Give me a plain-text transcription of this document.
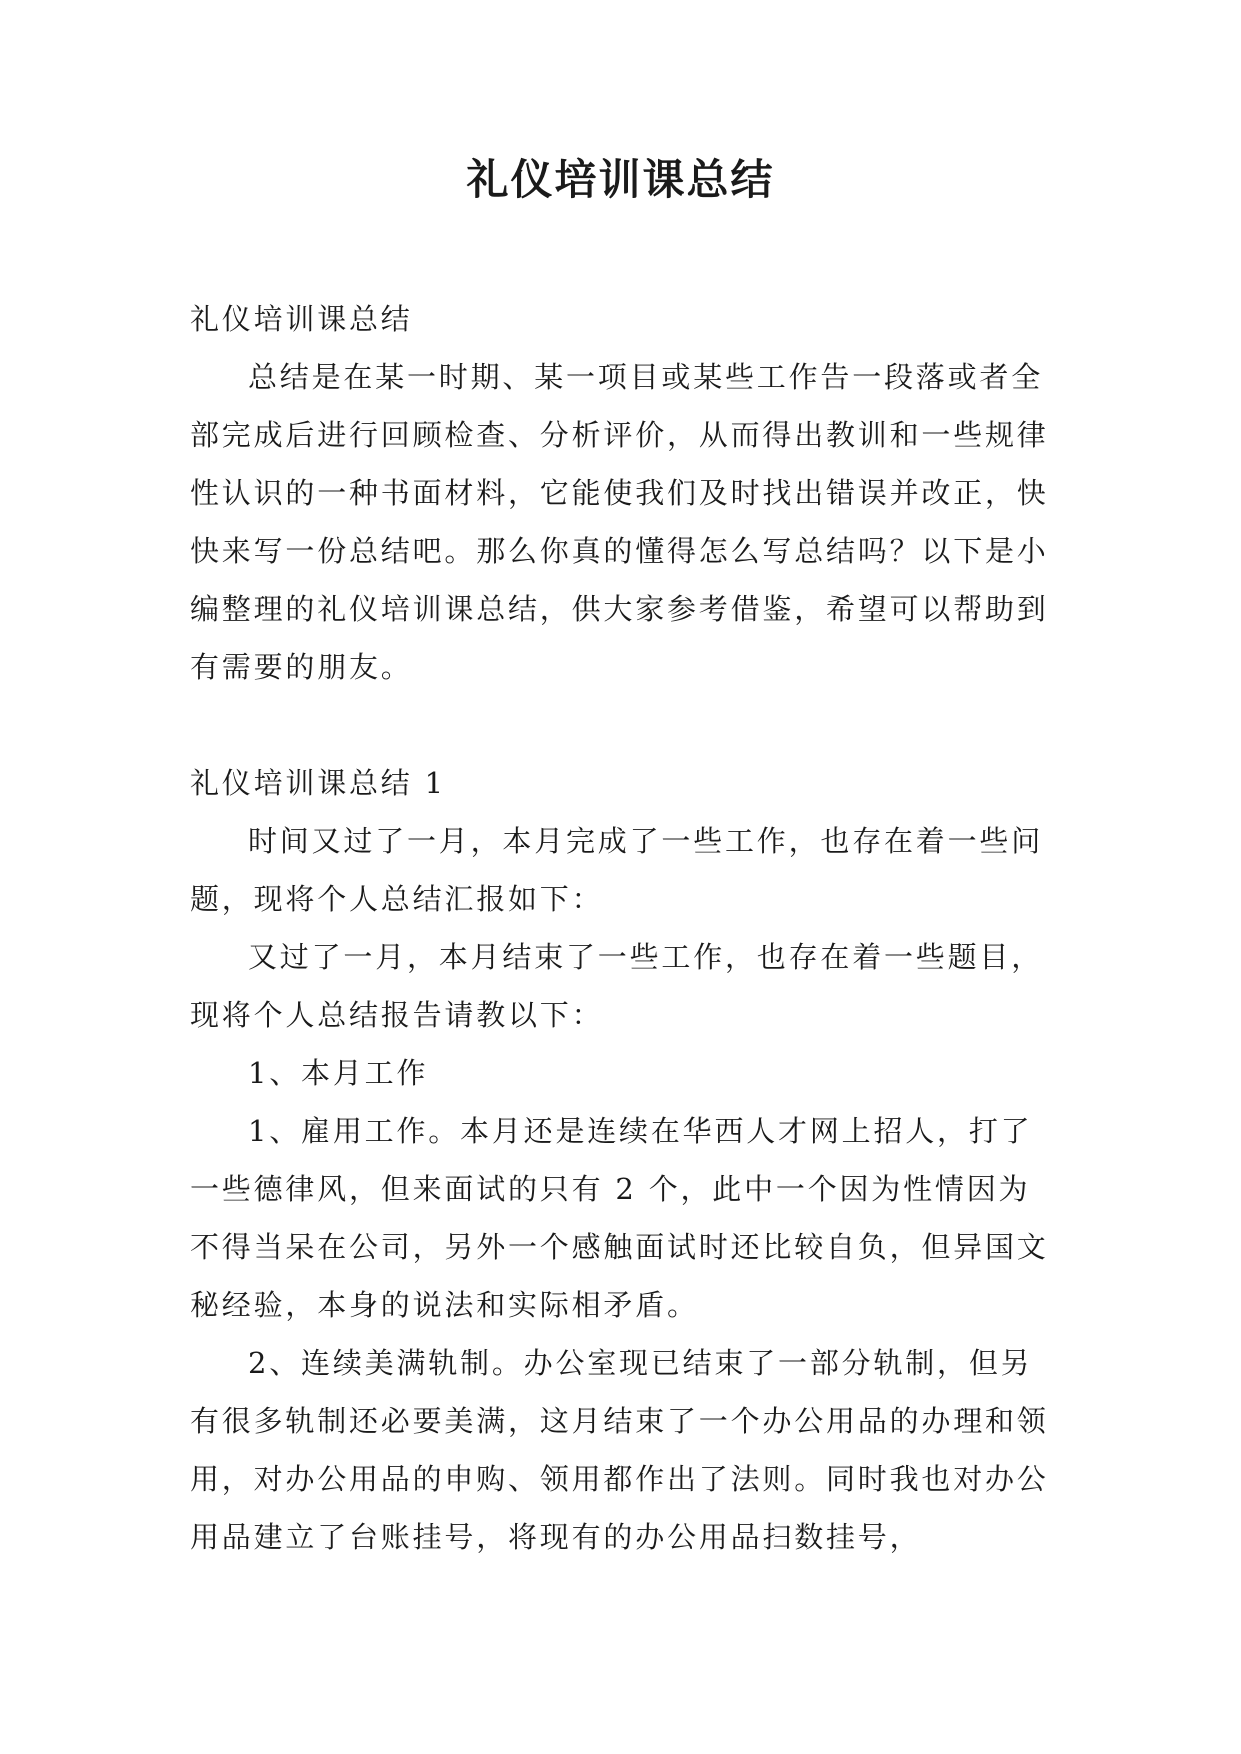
礼仪培训课总结

礼仪培训课总结

总结是在某一时期、某一项目或某些工作告一段落或者全部完成后进行回顾检查、分析评价，从而得出教训和一些规律性认识的一种书面材料，它能使我们及时找出错误并改正，快快来写一份总结吧。那么你真的懂得怎么写总结吗？以下是小编整理的礼仪培训课总结，供大家参考借鉴，希望可以帮助到有需要的朋友。

礼仪培训课总结 1

时间又过了一月，本月完成了一些工作，也存在着一些问题，现将个人总结汇报如下：

又过了一月，本月结束了一些工作，也存在着一些题目，现将个人总结报告请教以下：

1、本月工作

1、雇用工作。本月还是连续在华西人才网上招人，打了一些德律风，但来面试的只有 2 个，此中一个因为性情因为不得当呆在公司，另外一个感触面试时还比较自负，但异国文秘经验，本身的说法和实际相矛盾。

2、连续美满轨制。办公室现已结束了一部分轨制，但另有很多轨制还必要美满，这月结束了一个办公用品的办理和领用，对办公用品的申购、领用都作出了法则。同时我也对办公用品建立了台账挂号，将现有的办公用品扫数挂号，
